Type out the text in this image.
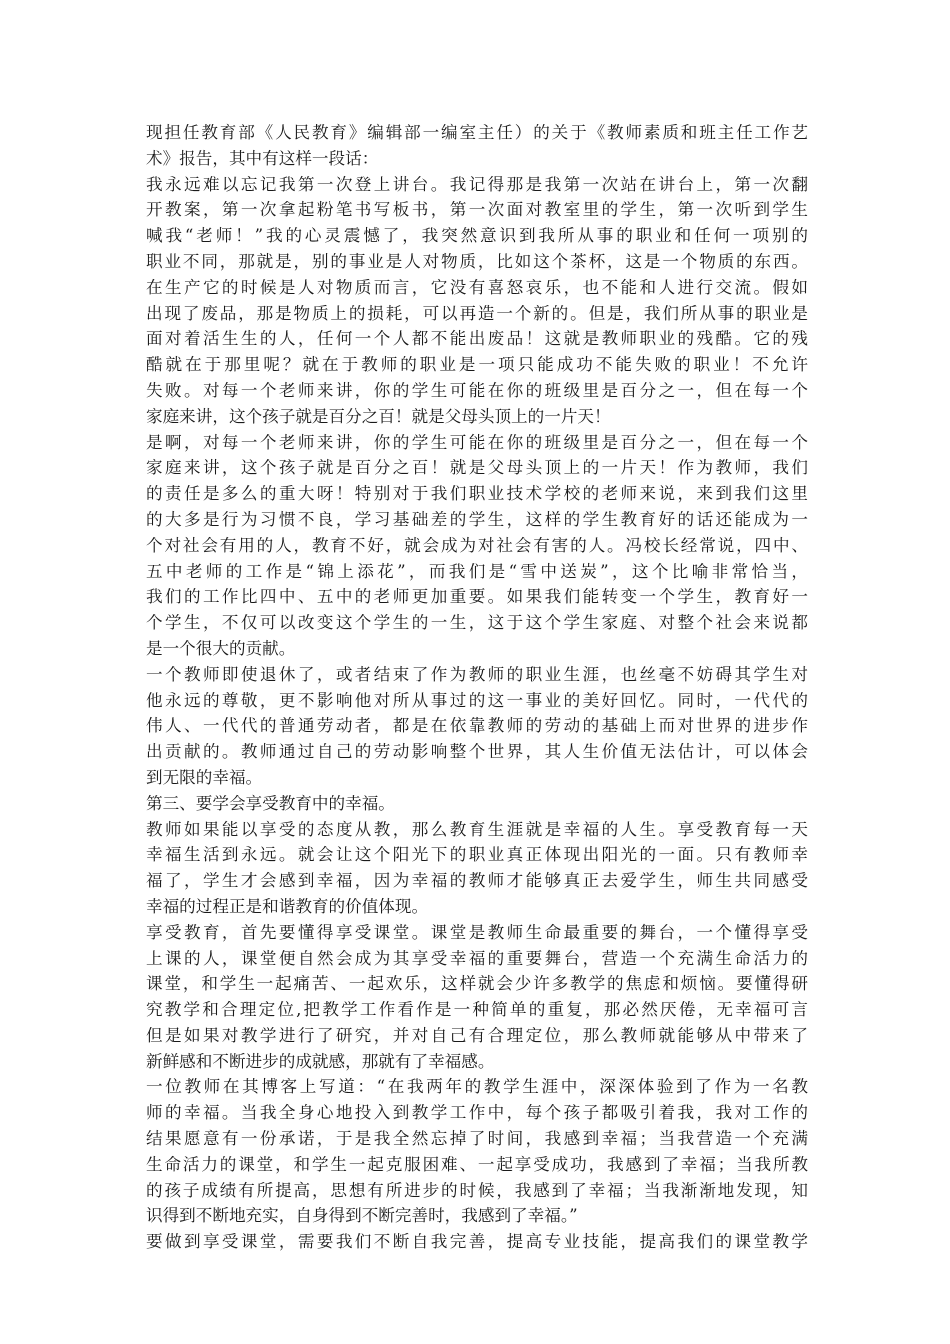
现担任教育部《人民教育》编辑部一编室主任）的关于《教师素质和班主任工作艺
术》报告，其中有这样一段话：
我永远难以忘记我第一次登上讲台。我记得那是我第一次站在讲台上，第一次翻
开教案，第一次拿起粉笔书写板书，第一次面对教室里的学生，第一次听到学生
喊我“老师！”我的心灵震憾了，我突然意识到我所从事的职业和任何一项别的
职业不同，那就是，别的事业是人对物质，比如这个茶杯，这是一个物质的东西。
在生产它的时候是人对物质而言，它没有喜怒哀乐，也不能和人进行交流。假如
出现了废品，那是物质上的损耗，可以再造一个新的。但是，我们所从事的职业是
面对着活生生的人，任何一个人都不能出废品！这就是教师职业的残酷。它的残
酷就在于那里呢？就在于教师的职业是一项只能成功不能失败的职业！不允许
失败。对每一个老师来讲，你的学生可能在你的班级里是百分之一，但在每一个
家庭来讲，这个孩子就是百分之百！就是父母头顶上的一片天！
是啊，对每一个老师来讲，你的学生可能在你的班级里是百分之一，但在每一个
家庭来讲，这个孩子就是百分之百！就是父母头顶上的一片天！作为教师，我们
的责任是多么的重大呀！特别对于我们职业技术学校的老师来说，来到我们这里
的大多是行为习惯不良，学习基础差的学生，这样的学生教育好的话还能成为一
个对社会有用的人，教育不好，就会成为对社会有害的人。冯校长经常说，四中、
五中老师的工作是“锦上添花”，而我们是“雪中送炭”，这个比喻非常恰当，
我们的工作比四中、五中的老师更加重要。如果我们能转变一个学生，教育好一
个学生，不仅可以改变这个学生的一生，这于这个学生家庭、对整个社会来说都
是一个很大的贡献。
一个教师即使退休了，或者结束了作为教师的职业生涯，也丝毫不妨碍其学生对
他永远的尊敬，更不影响他对所从事过的这一事业的美好回忆。同时，一代代的
伟人、一代代的普通劳动者，都是在依靠教师的劳动的基础上而对世界的进步作
出贡献的。教师通过自己的劳动影响整个世界，其人生价值无法估计，可以体会
到无限的幸福。
第三、要学会享受教育中的幸福。
教师如果能以享受的态度从教，那么教育生涯就是幸福的人生。享受教育每一天
幸福生活到永远。就会让这个阳光下的职业真正体现出阳光的一面。只有教师幸
福了，学生才会感到幸福，因为幸福的教师才能够真正去爱学生，师生共同感受
幸福的过程正是和谐教育的价值体现。
享受教育，首先要懂得享受课堂。课堂是教师生命最重要的舞台，一个懂得享受
上课的人，课堂便自然会成为其享受幸福的重要舞台，营造一个充满生命活力的
课堂，和学生一起痛苦、一起欢乐，这样就会少许多教学的焦虑和烦恼。要懂得研
究教学和合理定位,把教学工作看作是一种简单的重复，那必然厌倦，无幸福可言
但是如果对教学进行了研究，并对自己有合理定位，那么教师就能够从中带来了
新鲜感和不断进步的成就感，那就有了幸福感。
一位教师在其博客上写道：“在我两年的教学生涯中，深深体验到了作为一名教
师的幸福。当我全身心地投入到教学工作中，每个孩子都吸引着我，我对工作的
结果愿意有一份承诺，于是我全然忘掉了时间，我感到幸福；当我营造一个充满
生命活力的课堂，和学生一起克服困难、一起享受成功，我感到了幸福；当我所教
的孩子成绩有所提高，思想有所进步的时候，我感到了幸福；当我渐渐地发现，知
识得到不断地充实，自身得到不断完善时，我感到了幸福。”
要做到享受课堂，需要我们不断自我完善，提高专业技能，提高我们的课堂教学
